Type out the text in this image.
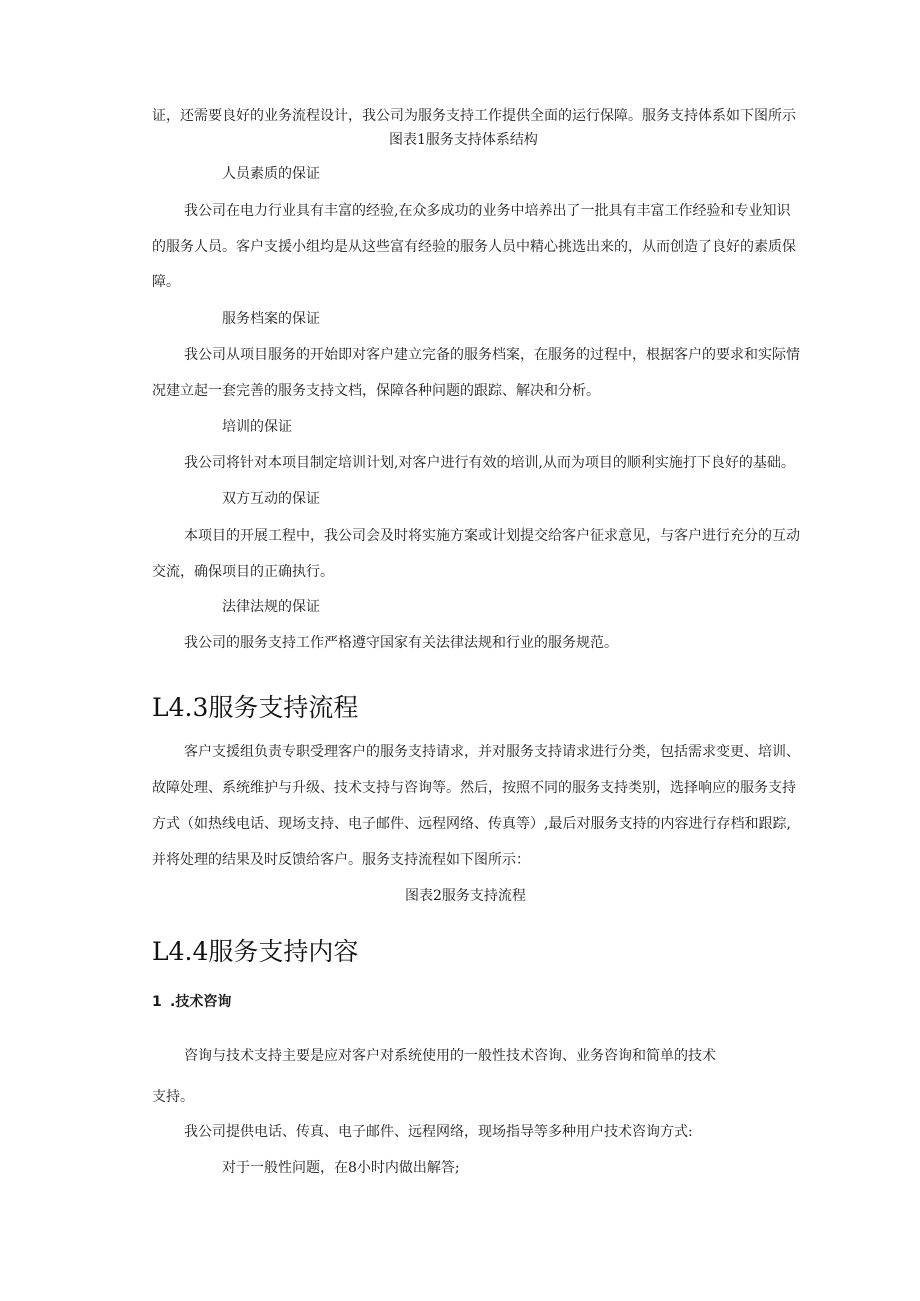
证，还需要良好的业务流程设计，我公司为服务支持工作提供全面的运行保障。服务支持体系如下图所示
图表1服务支持体系结构
人员素质的保证
我公司在电力行业具有丰富的经验,在众多成功的业务中培养出了一批具有丰富工作经验和专业知识
的服务人员。客户支援小组均是从这些富有经验的服务人员中精心挑选出来的，从而创造了良好的素质保
障。
服务档案的保证
我公司从项目服务的开始即对客户建立完备的服务档案，在服务的过程中，根据客户的要求和实际情
况建立起一套完善的服务支持文档，保障各种问题的跟踪、解决和分析。
培训的保证
我公司将针对本项目制定培训计划,对客户进行有效的培训,从而为项目的顺利实施打下良好的基础。
双方互动的保证
本项目的开展工程中，我公司会及时将实施方案或计划提交给客户征求意见，与客户进行充分的互动
交流，确保项目的正确执行。
法律法规的保证
我公司的服务支持工作严格遵守国家有关法律法规和行业的服务规范。
L4.3服务支持流程
客户支援组负责专职受理客户的服务支持请求，并对服务支持请求进行分类，包括需求变更、培训、
故障处理、系统维护与升级、技术支持与咨询等。然后，按照不同的服务支持类别，选择响应的服务支持
方式（如热线电话、现场支持、电子邮件、远程网络、传真等）,最后对服务支持的内容进行存档和跟踪,
并将处理的结果及时反馈给客户。服务支持流程如下图所示：
图表2服务支持流程
L4.4服务支持内容
1 .技术咨询
咨询与技术支持主要是应对客户对系统使用的一般性技术咨询、业务咨询和简单的技术
支持。
我公司提供电话、传真、电子邮件、远程网络，现场指导等多种用户技术咨询方式:
对于一般性问题，在8小时内做出解答;
